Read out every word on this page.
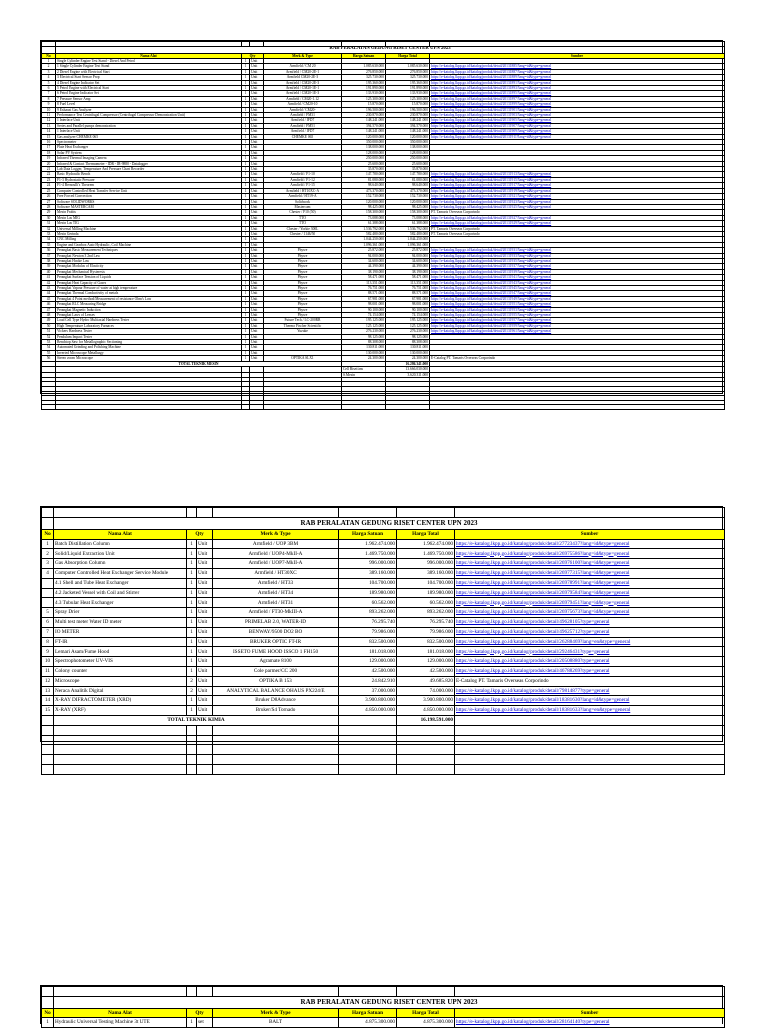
	RAB PERALATAN GEDUNG RISET CENTER UPN 2023						
No	Nama Alat	Qty		Merk & Type	Harga Satuan	Harga Total	Sumber
1	Single Cylinder Engine Test Stand - Diesel And Petrol	1	Unit				
2	1 Single Cylinder Engine Test Stand	1	Unit	Armfield / CM 20	1.085.630.000	1.085.630.000	https://e-katalog.lkpp.go.id/katalog/produk/detail/20131885?lang=id&type=general
3	2 Diesel Engine with Electrical Start	1	Unit	Armfield / CM20-2E-1	276.850.000	276.850.000	https://e-katalog.lkpp.go.id/katalog/produk/detail/20131887?lang=id&type=general
4	3 Electrical Start Sensor Prop	1	Unit	Armfield CM20-2E-3	325.730.000	325.730.000	https://e-katalog.lkpp.go.id/katalog/produk/detail/20131889?lang=id&type=general
5	4 Diesel Engine Indicator Set	1	Unit	Armfield / CM20-2E-3	195.360.000	195.360.000	https://e-katalog.lkpp.go.id/katalog/produk/detail/20131891?lang=id&type=general
6	5 Petrol Engine with Electrical Start	1	Unit	Armfield / CM20-1E-1	191.890.000	191.890.000	https://e-katalog.lkpp.go.id/katalog/produk/detail/20131893?lang=id&type=general
7	6 Petrol Engine Indicator Set	1	Unit	Armfield / CM20-1E-3	133.930.000	133.930.000	https://e-katalog.lkpp.go.id/katalog/produk/detail/20131895?lang=id&type=general
8	7 Pressure Sensor Amp	1	Unit	Armfield / CM20-1.12	125.300.000	125.300.000	https://e-katalog.lkpp.go.id/katalog/produk/detail/20131897?lang=id&type=general
9	8 Fuel Level	1	Unit	Armfield / CM20-10	15.870.000	15.870.000	https://e-katalog.lkpp.go.id/katalog/produk/detail/20131899?lang=id&type=general
10	9 Exhaust Gas Analyzer	1	Unit	Armfield / CM20-	196.500.000	196.500.000	https://e-katalog.lkpp.go.id/katalog/produk/detail/20131901?lang=id&type=general
11	Performance Test Centrifugal Compressor (Centrifugal Compressor Demonstration Unit)	1	Unit	Armfield / FM31	230.870.000	230.870.000	https://e-katalog.lkpp.go.id/katalog/produk/detail/20131903?lang=id&type=general
12	1 Interface Unit	1	Unit	Armfield / IFD7	148.241.000	148.241.000	https://e-katalog.lkpp.go.id/katalog/produk/detail/20131905?lang=id&type=general
13	Series and Parallel pumps demonstration	1	Unit	Armfield / FM51	394.570.000	394.570.000	https://e-katalog.lkpp.go.id/katalog/produk/detail/20131907?lang=id&type=general
14	1 Interface Unit	1	Unit	Armfield / IFD7	148.241.000	148.241.000	https://e-katalog.lkpp.go.id/katalog/produk/detail/20131909?lang=id&type=general
15	Gas analyzer CHEMKE 065	1	Unit	CHEMKE 065	120.000.000	120.000.000	https://e-katalog.lkpp.go.id/katalog/produk/detail/20131911?lang=id&type=general
16	Spectrometer	1	Unit		350.000.000	350.000.000	
17	Plate Heat Exchanger	1	Unit		138.000.000	138.000.000	
18	Solar PV System	1	Unit		128.000.000	128.000.000	
19	Infrared Thermal Imaging Camera	1	Unit		250.000.000	250.000.000	
20	Infrared & Contact Thermometer - IDR - IR-9880 - Datalogger	1	Unit		25.600.000	25.600.000	
21	Lab Data Logger, Temperature And Pressure Chart Recorder	1	Unit		35.870.000	35.870.000	
22	Basic Hydraulic Bench	1	Unit	Armfield / F1-10	147.780.000	147.780.000	https://e-katalog.lkpp.go.id/katalog/produk/detail/20131913?lang=id&type=general
23	F1-3 Hydrostatic Pressure	1	Unit	Armfield / F1-12	81.080.000	81.080.000	https://e-katalog.lkpp.go.id/katalog/produk/detail/20131915?lang=id&type=general
24	F1-4 Bernoulli's Theorem	1	Unit	Armfield / F1-15	98.640.000	98.640.000	https://e-katalog.lkpp.go.id/katalog/produk/detail/20131917?lang=id&type=general
25	Computer Controlled Heat Transfer Service Unit	1	Unit	Armfield / HT10XC-A	473.370.000	473.370.000	https://e-katalog.lkpp.go.id/katalog/produk/detail/20131919?lang=id&type=general
26	Free Forced Convection	1	Unit	Armfield / HT19-A	152.730.000	152.730.000	https://e-katalog.lkpp.go.id/katalog/produk/detail/20131921?lang=id&type=general
27	Software SOLIDWORKS	1	Unit	Solidwork	120.000.000	120.000.000	https://e-katalog.lkpp.go.id/katalog/produk/detail/20131923?lang=id&type=general
28	Software MASTERCAM	1	Unit	Mastercam	98.425.000	98.425.000	https://e-katalog.lkpp.go.id/katalog/produk/detail/20131925?lang=id&type=general
29	Mesin Frabis	1	Unit	Chester / F10 (50)	158.300.000	158.300.000	PT. Tamaris Overseas Corporindo
30	Mesin Las MIG	1	Unit	TTO	73.088.000	73.088.000	https://e-katalog.lkpp.go.id/katalog/produk/detail/20131927?lang=id&type=general
31	Mesin Las TIG	1	Unit	TTO	61.388.000	61.388.000	https://e-katalog.lkpp.go.id/katalog/produk/detail/20131929?lang=id&type=general
32	Universal Milling Machine	1	Unit	Chester / Yorkie 300L	1.536.792.000	1.536.792.000	PT. Tamaris Overseas Corporindo
33	Mesin Gerinda	1	Unit	Chester / 1146/50	582.480.000	582.480.000	PT. Tamaris Overseas Corporindo
34	CNC Milling	1	Unit		1.044.250.000	1.044.250.000	
35	Engine and Gearbox Auto Hydraulic, Coil Machine	1	Unit		1.096.361.000	1.096.361.000	
36	Perangkat Basic Measurement Techniques	1	Unit	Phywe	25.872.000	25.872.000	https://e-katalog.lkpp.go.id/katalog/produk/detail/20131931?lang=id&type=general
37	Perangkat Newton 3 2nd Law	1	Unit	Phywe	94.000.000	94.000.000	https://e-katalog.lkpp.go.id/katalog/produk/detail/20131933?lang=id&type=general
38	Perangkat Hooke Law	1	Unit	Phywe	34.600.000	34.600.000	https://e-katalog.lkpp.go.id/katalog/produk/detail/20131935?lang=id&type=general
39	Perangkat Modulus of Elasticity	1	Unit	Phywe	44.390.000	44.390.000	https://e-katalog.lkpp.go.id/katalog/produk/detail/20131937?lang=id&type=general
40	Perangkat Mechanical Hysteresis	1	Unit	Phywe	38.190.000	38.190.000	https://e-katalog.lkpp.go.id/katalog/produk/detail/20131939?lang=id&type=general
41	Perangkat Surface Tension of Liquids	1	Unit	Phywe	58.471.000	58.471.000	https://e-katalog.lkpp.go.id/katalog/produk/detail/20131941?lang=id&type=general
42	Perangkat Heat Capacity of Gases	1	Unit	Phywe	113.351.000	113.351.000	https://e-katalog.lkpp.go.id/katalog/produk/detail/20131943?lang=id&type=general
43	Perangkat Vapour Pressure of water at high temperature	1	Unit	Phywe	76.751.000	76.751.000	https://e-katalog.lkpp.go.id/katalog/produk/detail/20131945?lang=id&type=general
44	Perangkat Thermal Conductivity of metals	1	Unit	Phywe	88.571.000	88.571.000	https://e-katalog.lkpp.go.id/katalog/produk/detail/20131947?lang=id&type=general
45	Perangkat 4 Point method/Measurement of resistance Ohm's Law	1	Unit	Phywe	67.981.000	67.981.000	https://e-katalog.lkpp.go.id/katalog/produk/detail/20131949?lang=id&type=general
46	Perangkat RLC Measuring Bridge	1	Unit	Phywe	98.001.000	98.001.000	https://e-katalog.lkpp.go.id/katalog/produk/detail/20131951?lang=id&type=general
47	Perangkat Magnetic Induction	1	Unit	Phywe	90.100.000	90.100.000	https://e-katalog.lkpp.go.id/katalog/produk/detail/20131953?lang=id&type=general
48	Perangkat Laws of Lenses	1	Unit	Phywe	74.154.000	74.154.000	https://e-katalog.lkpp.go.id/katalog/produk/detail/20131955?lang=id&type=general
49	Load Cell Type Hydro Multiaxial Hardness Tester	1	Unit	Future Tech / LC-200RB	195.125.000	195.125.000	https://e-katalog.lkpp.go.id/katalog/produk/detail/20131957?lang=id&type=general
50	High Temperature Laboratory Furnaces	1	Unit	Thermo Fischer Scientific	125.125.000	125.125.000	https://e-katalog.lkpp.go.id/katalog/produk/detail/20131959?lang=id&type=general
51	Vickers Hardness Tester	1	Unit	Yuzuke	276.230.000	276.230.000	https://e-katalog.lkpp.go.id/katalog/produk/detail/20131961?lang=id&type=general
52	Pendulum Impact Tester	1	Unit		98.125.000	98.125.000	
53	Benchtop Saw for Metallographic Sectioning	1	Unit		88.308.000	88.308.000	
54	Automated Grinding and Polishing Machine	1	Unit		130.811.000	130.811.000	
55	Inverted Microscope Metallurgy	1	Unit		130.000.000	130.000.000	
56	Stereo zoom Microscope	1	Unit	OPTIKA SLX1	24.300.000	24.300.000	E-Catalog PT. Tamaris Overseas Corporindo
	TOTAL TEKNIK MESIN					16.286.341.000	
					Cell Riset/ans	13.666.030.000	
					S.Mesin	3.620.311.000	

	RAB PERALATAN GEDUNG RISET CENTER UPN 2023						
No	Nama Alat	Qty		Merk & Type	Harga Satuan	Harga Total	Sumber
1	Batch Distillation Column	1	Unit	Armfield / UOP 3BM	1.962.474.000	1.962.474.000	https://e-katalog.lkpp.go.id/katalog/produk/detail/27723437?lang=id&type=general
2	Solid/Liquid Extraction Unit	1	Unit	Armfield / UOP4-MkII-A	1.469.750.000	1.469.750.000	https://e-katalog.lkpp.go.id/katalog/produk/detail/26975586?lang=id&type=general
3	Gas Absorption Column	1	Unit	Armfield / UOP7-MkII-A	996.000.000	996.000.000	https://e-katalog.lkpp.go.id/katalog/produk/detail/26976100?lang=id&type=general
4	Computer Controlled Heat Exchanger Service Module	1	Unit	Armfield / HT30XC	389.160.000	389.160.000	https://e-katalog.lkpp.go.id/katalog/produk/detail/26977315?lang=id&type=general
	4.1 Shell and Tube Heat Exchanger	1	Unit	Armfield / HT33	104.700.000	104.700.000	https://e-katalog.lkpp.go.id/katalog/produk/detail/26978991?lang=id&type=general
	4.2 Jacketed Vessel with Coil and Stirrer	1	Unit	Armfield / HT34	189.980.000	189.980.000	https://e-katalog.lkpp.go.id/katalog/produk/detail/26979584?lang=id&type=general
	4.3 Tubular Heat Exchanger	1	Unit	Armfield / HT31	60.562.000	60.562.000	https://e-katalog.lkpp.go.id/katalog/produk/detail/26979451?lang=id&type=general
5	Spray Drier	1	Unit	Armfield / FT30-MkIII-A	893.262.000	893.262.000	https://e-katalog.lkpp.go.id/katalog/produk/detail/26975673?lang=id&type=general
6	Multi test meter Water ID meter	1	Unit	PRIMELAB 2.0, WATER-ID	76.295.740	76.295.740	https://e-katalog.lkpp.go.id/katalog/produk/detail/49628105?type=general
7	IO METER	1	Unit	BENWAY/9500 DO2 BO	79.986.000	79.986.000	https://e-katalog.lkpp.go.id/katalog/produk/detail/49625712?type=general
8	FT-IR	1	Unit	BRUKER OPTIC FT-IR	832.500.000	832.500.000	https://e-katalog.lkpp.go.id/katalog/produk/detail/26288469?lang=en&type=general
9	Lemari Asam/Fume Hood	1	Unit	ISSETO FUME HOOD ISSCO 1 FH150	181.018.000	181.018.000	https://e-katalog.lkpp.go.id/katalog/produk/detail/29246431?type=general
10	Spectrophotometer UV-VIS	1	Unit	Agramate 8100	129.000.000	129.000.000	https://e-katalog.lkpp.go.id/katalog/produk/detail/20508880?type=general
11	Colony counter	1	Unit	Cole parmer/CC 200	42.500.000	42.500.000	https://e-katalog.lkpp.go.id/katalog/produk/detail/46788269?type=general
12	Microscope	2	Unit	OPTIKA B 153	24.842.910	49.685.820	E-Catalog PT. Tamaris Overseas Corporindo
13	Neraca Analitik Digital	2	Unit	ANALYTICAL BALANCE OHAUS PX224/E	37.000.000	74.000.000	https://e-katalog.lkpp.go.id/katalog/produk/detail/79814877?type=general
14	X-RAY DIFRACTOMETER (XRD)	1	Unit	Bruker D8Advance	3.900.800.000	3.900.800.000	https://e-katalog.lkpp.go.id/katalog/produk/detail/18381630?lang=id&type=general
15	X-RAY (XRF)	1	Unit	Bruker/S4 Tornado	4.850.000.000	4.850.000.000	https://e-katalog.lkpp.go.id/katalog/produk/detail/18381633?lang=en&type=general
	TOTAL TEKNIK KIMIA					16.198.591.000	

	RAB PERALATAN GEDUNG RISET CENTER UPN 2023						
No	Nama Alat	Qty		Merk & Type	Harga Satuan	Harga Total	Sumber
1	Hydraulic Universal Testing Machine 3t UTE	1	set	BALT	4.875.300.000	4.875.300.000	https://e-katalog.lkpp.go.id/katalog/produk/detail/28164140?type=general
